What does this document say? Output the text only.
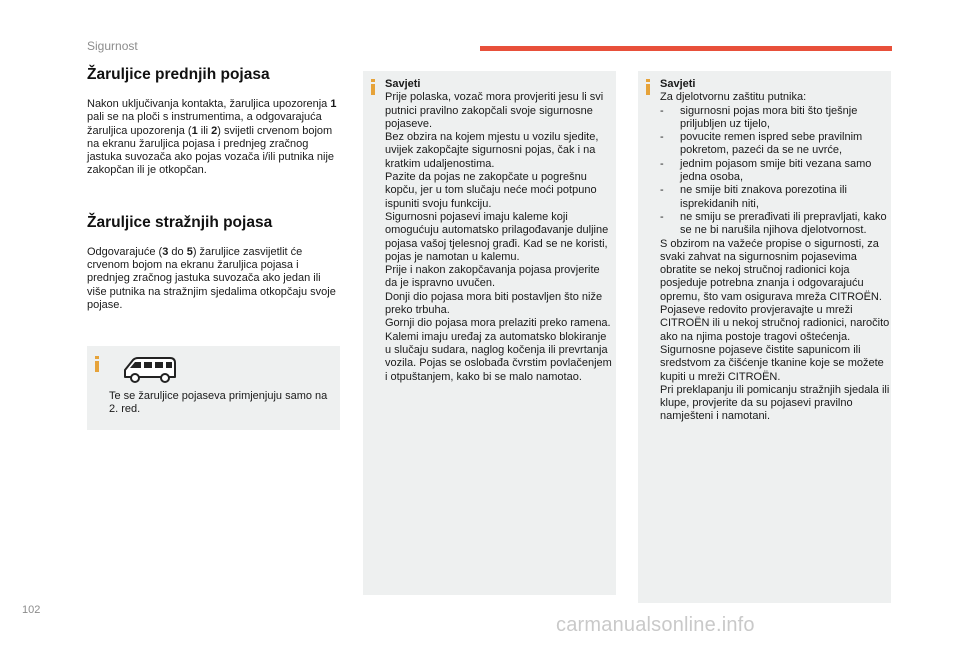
Sigurnost
Žaruljice prednjih pojasa

Nakon uključivanja kontakta, žaruljica upozorenja 1 pali se na ploči s instrumentima, a odgovarajuća žaruljica upozorenja (1 ili 2) svijetli crvenom bojom na ekranu žaruljica pojasa i prednjeg zračnog jastuka suvozača ako pojas vozača i/ili putnika nije zakopčan ili je otkopčan.

Žaruljice stražnjih pojasa

Odgovarajuće (3 do 5) žaruljice zasvijetlit će crvenom bojom na ekranu žaruljica pojasa i prednjeg zračnog jastuka suvozača ako jedan ili više putnika na stražnjim sjedalima otkopčaju svoje pojase.

Te se žaruljice pojaseva primjenjuju samo na 2. red.
Savjeti
Prije polaska, vozač mora provjeriti jesu li svi putnici pravilno zakopčali svoje sigurnosne pojaseve.
Bez obzira na kojem mjestu u vozilu sjedite, uvijek zakopčajte sigurnosni pojas, čak i na kratkim udaljenostima.
Pazite da pojas ne zakopčate u pogrešnu kopču, jer u tom slučaju neće moći potpuno ispuniti svoju funkciju.
Sigurnosni pojasevi imaju kaleme koji omogućuju automatsko prilagođavanje duljine pojasa vašoj tjelesnoj građi. Kad se ne koristi, pojas je namotan u kalemu.
Prije i nakon zakopčavanja pojasa provjerite da je ispravno uvučen.
Donji dio pojasa mora biti postavljen što niže preko trbuha.
Gornji dio pojasa mora prelaziti preko ramena.
Kalemi imaju uređaj za automatsko blokiranje u slučaju sudara, naglog kočenja ili prevrtanja vozila. Pojas se oslobađa čvrstim povlačenjem i otpuštanjem, kako bi se malo namotao.
Savjeti
Za djelotvornu zaštitu putnika:
- sigurnosni pojas mora biti što tješnje priljubljen uz tijelo,
- povucite remen ispred sebe pravilnim pokretom, pazeći da se ne uvrće,
- jednim pojasom smije biti vezana samo jedna osoba,
- ne smije biti znakova porezotina ili isprekidanih niti,
- ne smiju se prerađivati ili prepravljati, kako se ne bi narušila njihova djelotvornost.
S obzirom na važeće propise o sigurnosti, za svaki zahvat na sigurnosnim pojasevima obratite se nekoj stručnoj radionici koja posjeduje potrebna znanja i odgovarajuću opremu, što vam osigurava mreža CITROËN.
Pojaseve redovito provjeravajte u mreži CITROËN ili u nekoj stručnoj radionici, naročito ako na njima postoje tragovi oštećenja.
Sigurnosne pojaseve čistite sapunicom ili sredstvom za čišćenje tkanine koje se možete kupiti u mreži CITROËN.
Pri preklapanju ili pomicanju stražnjih sjedala ili klupe, provjerite da su pojasevi pravilno namješteni i namotani.
102
carmanualsonline.info
